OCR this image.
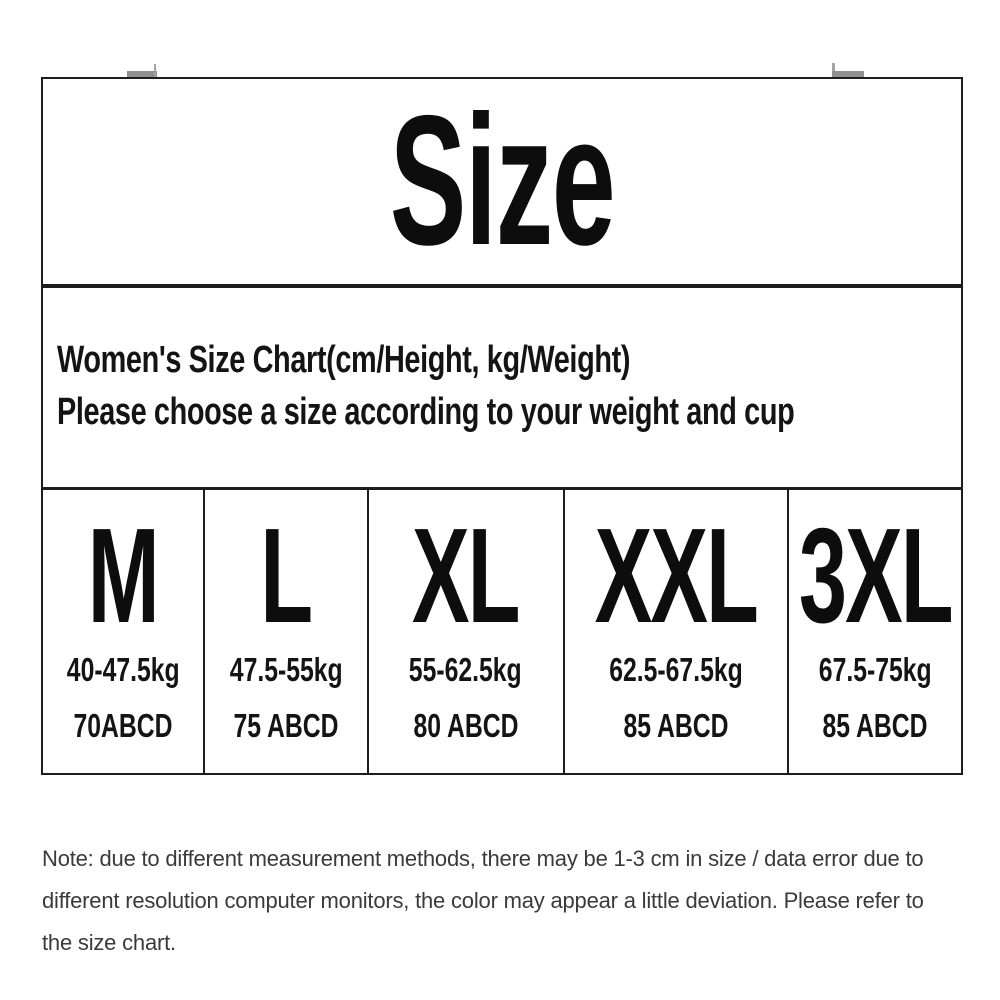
Size
Women's Size Chart(cm/Height, kg/Weight)
Please choose a size according to your weight and cup
M
40-47.5kg
70ABCD
L
47.5-55kg
75 ABCD
XL
55-62.5kg
80 ABCD
XXL
62.5-67.5kg
85 ABCD
3XL
67.5-75kg
85 ABCD
Note: due to different measurement methods, there may be 1-3 cm in size / data error due to
different resolution computer monitors, the color may appear a little deviation. Please refer to
the size chart.
